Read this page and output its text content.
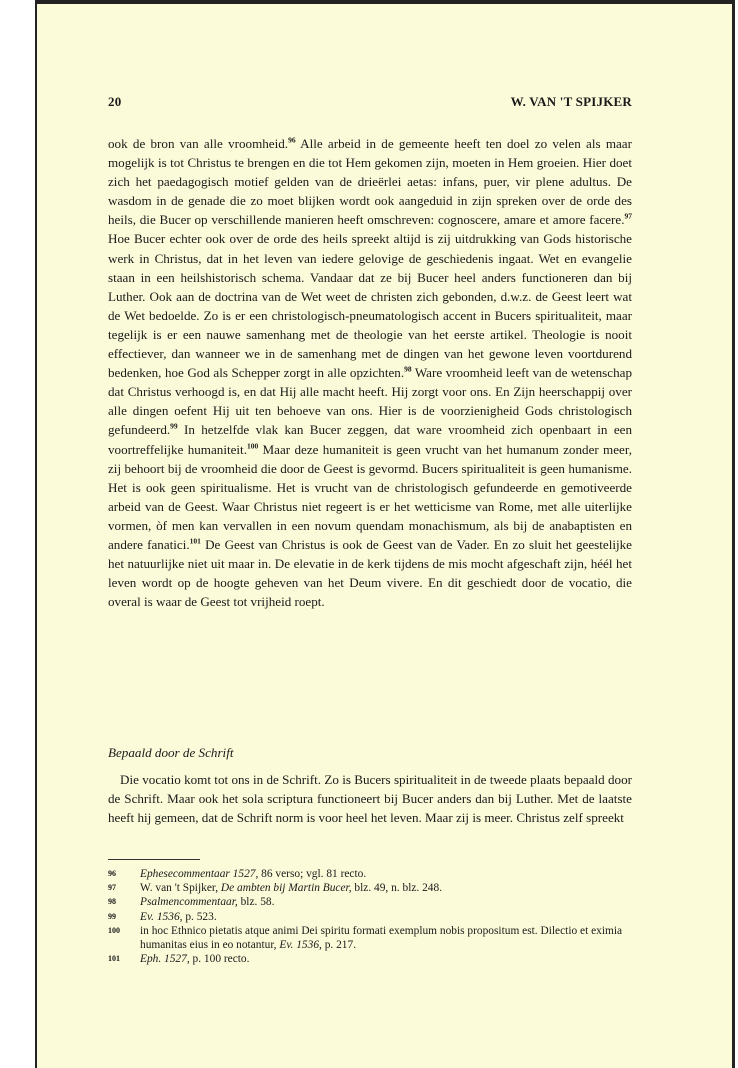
20	W. VAN 'T SPIJKER

ook de bron van alle vroomheid.$^{96}$ Alle arbeid in de gemeente heeft ten doel zo velen als maar mogelijk is tot Christus te brengen en die tot Hem gekomen zijn, moeten in Hem groeien. Hier doet zich het paedagogisch motief gelden van de drieërlei aetas: infans, puer, vir plene adultus. De wasdom in de genade die zo moet blijken wordt ook aangeduid in zijn spreken over de orde des heils, die Bucer op verschillende manieren heeft omschreven: cognoscere, amare et amore facere.$^{97}$ Hoe Bucer echter ook over de orde des heils spreekt altijd is zij uitdrukking van Gods historische werk in Christus, dat in het leven van iedere gelovige de geschiedenis ingaat. Wet en evangelie staan in een heilshistorisch schema. Vandaar dat ze bij Bucer heel anders functioneren dan bij Luther. Ook aan de doctrina van de Wet weet de christen zich gebonden, d.w.z. de Geest leert wat de Wet bedoelde. Zo is er een christologisch-pneumatologisch accent in Bucers spiritualiteit, maar tegelijk is er een nauwe samenhang met de theologie van het eerste artikel. Theologie is nooit effectiever, dan wanneer we in de samenhang met de dingen van het gewone leven voortdurend bedenken, hoe God als Schepper zorgt in alle opzichten.$^{98}$ Ware vroomheid leeft van de wetenschap dat Christus verhoogd is, en dat Hij alle macht heeft. Hij zorgt voor ons. En Zijn heerschappij over alle dingen oefent Hij uit ten behoeve van ons. Hier is de voorzienigheid Gods christologisch gefundeerd.$^{99}$ In hetzelfde vlak kan Bucer zeggen, dat ware vroomheid zich openbaart in een voortreffelijke humaniteit.$^{100}$ Maar deze humaniteit is geen vrucht van het humanum zonder meer, zij behoort bij de vroomheid die door de Geest is gevormd. Bucers spiritualiteit is geen humanisme. Het is ook geen spiritualisme. Het is vrucht van de christologisch gefundeerde en gemotiveerde arbeid van de Geest. Waar Christus niet regeert is er het wetticisme van Rome, met alle uiterlijke vormen, òf men kan vervallen in een novum quendam monachismum, als bij de anabaptisten en andere fanatici.$^{101}$ De Geest van Christus is ook de Geest van de Vader. En zo sluit het geestelijke het natuurlijke niet uit maar in. De elevatie in de kerk tijdens de mis mocht afgeschaft zijn, héél het leven wordt op de hoogte geheven van het Deum vivere. En dit geschiedt door de vocatio, die overal is waar de Geest tot vrijheid roept.

Bepaald door de Schrift

Die vocatio komt tot ons in de Schrift. Zo is Bucers spiritualiteit in de tweede plaats bepaald door de Schrift. Maar ook het sola scriptura functioneert bij Bucer anders dan bij Luther. Met de laatste heeft hij gemeen, dat de Schrift norm is voor heel het leven. Maar zij is meer. Christus zelf spreekt

96 Ephesecommentaar 1527, 86 verso; vgl. 81 recto.
97 W. van 't Spijker, De ambten bij Martin Bucer, blz. 49, n. blz. 248.
98 Psalmencommentaar, blz. 58.
99 Ev. 1536, p. 523.
100 in hoc Ethnico pietatis atque animi Dei spiritu formati exemplum nobis propositum est. Dilectio et eximia humanitas eius in eo notantur, Ev. 1536, p. 217.
101 Eph. 1527, p. 100 recto.
